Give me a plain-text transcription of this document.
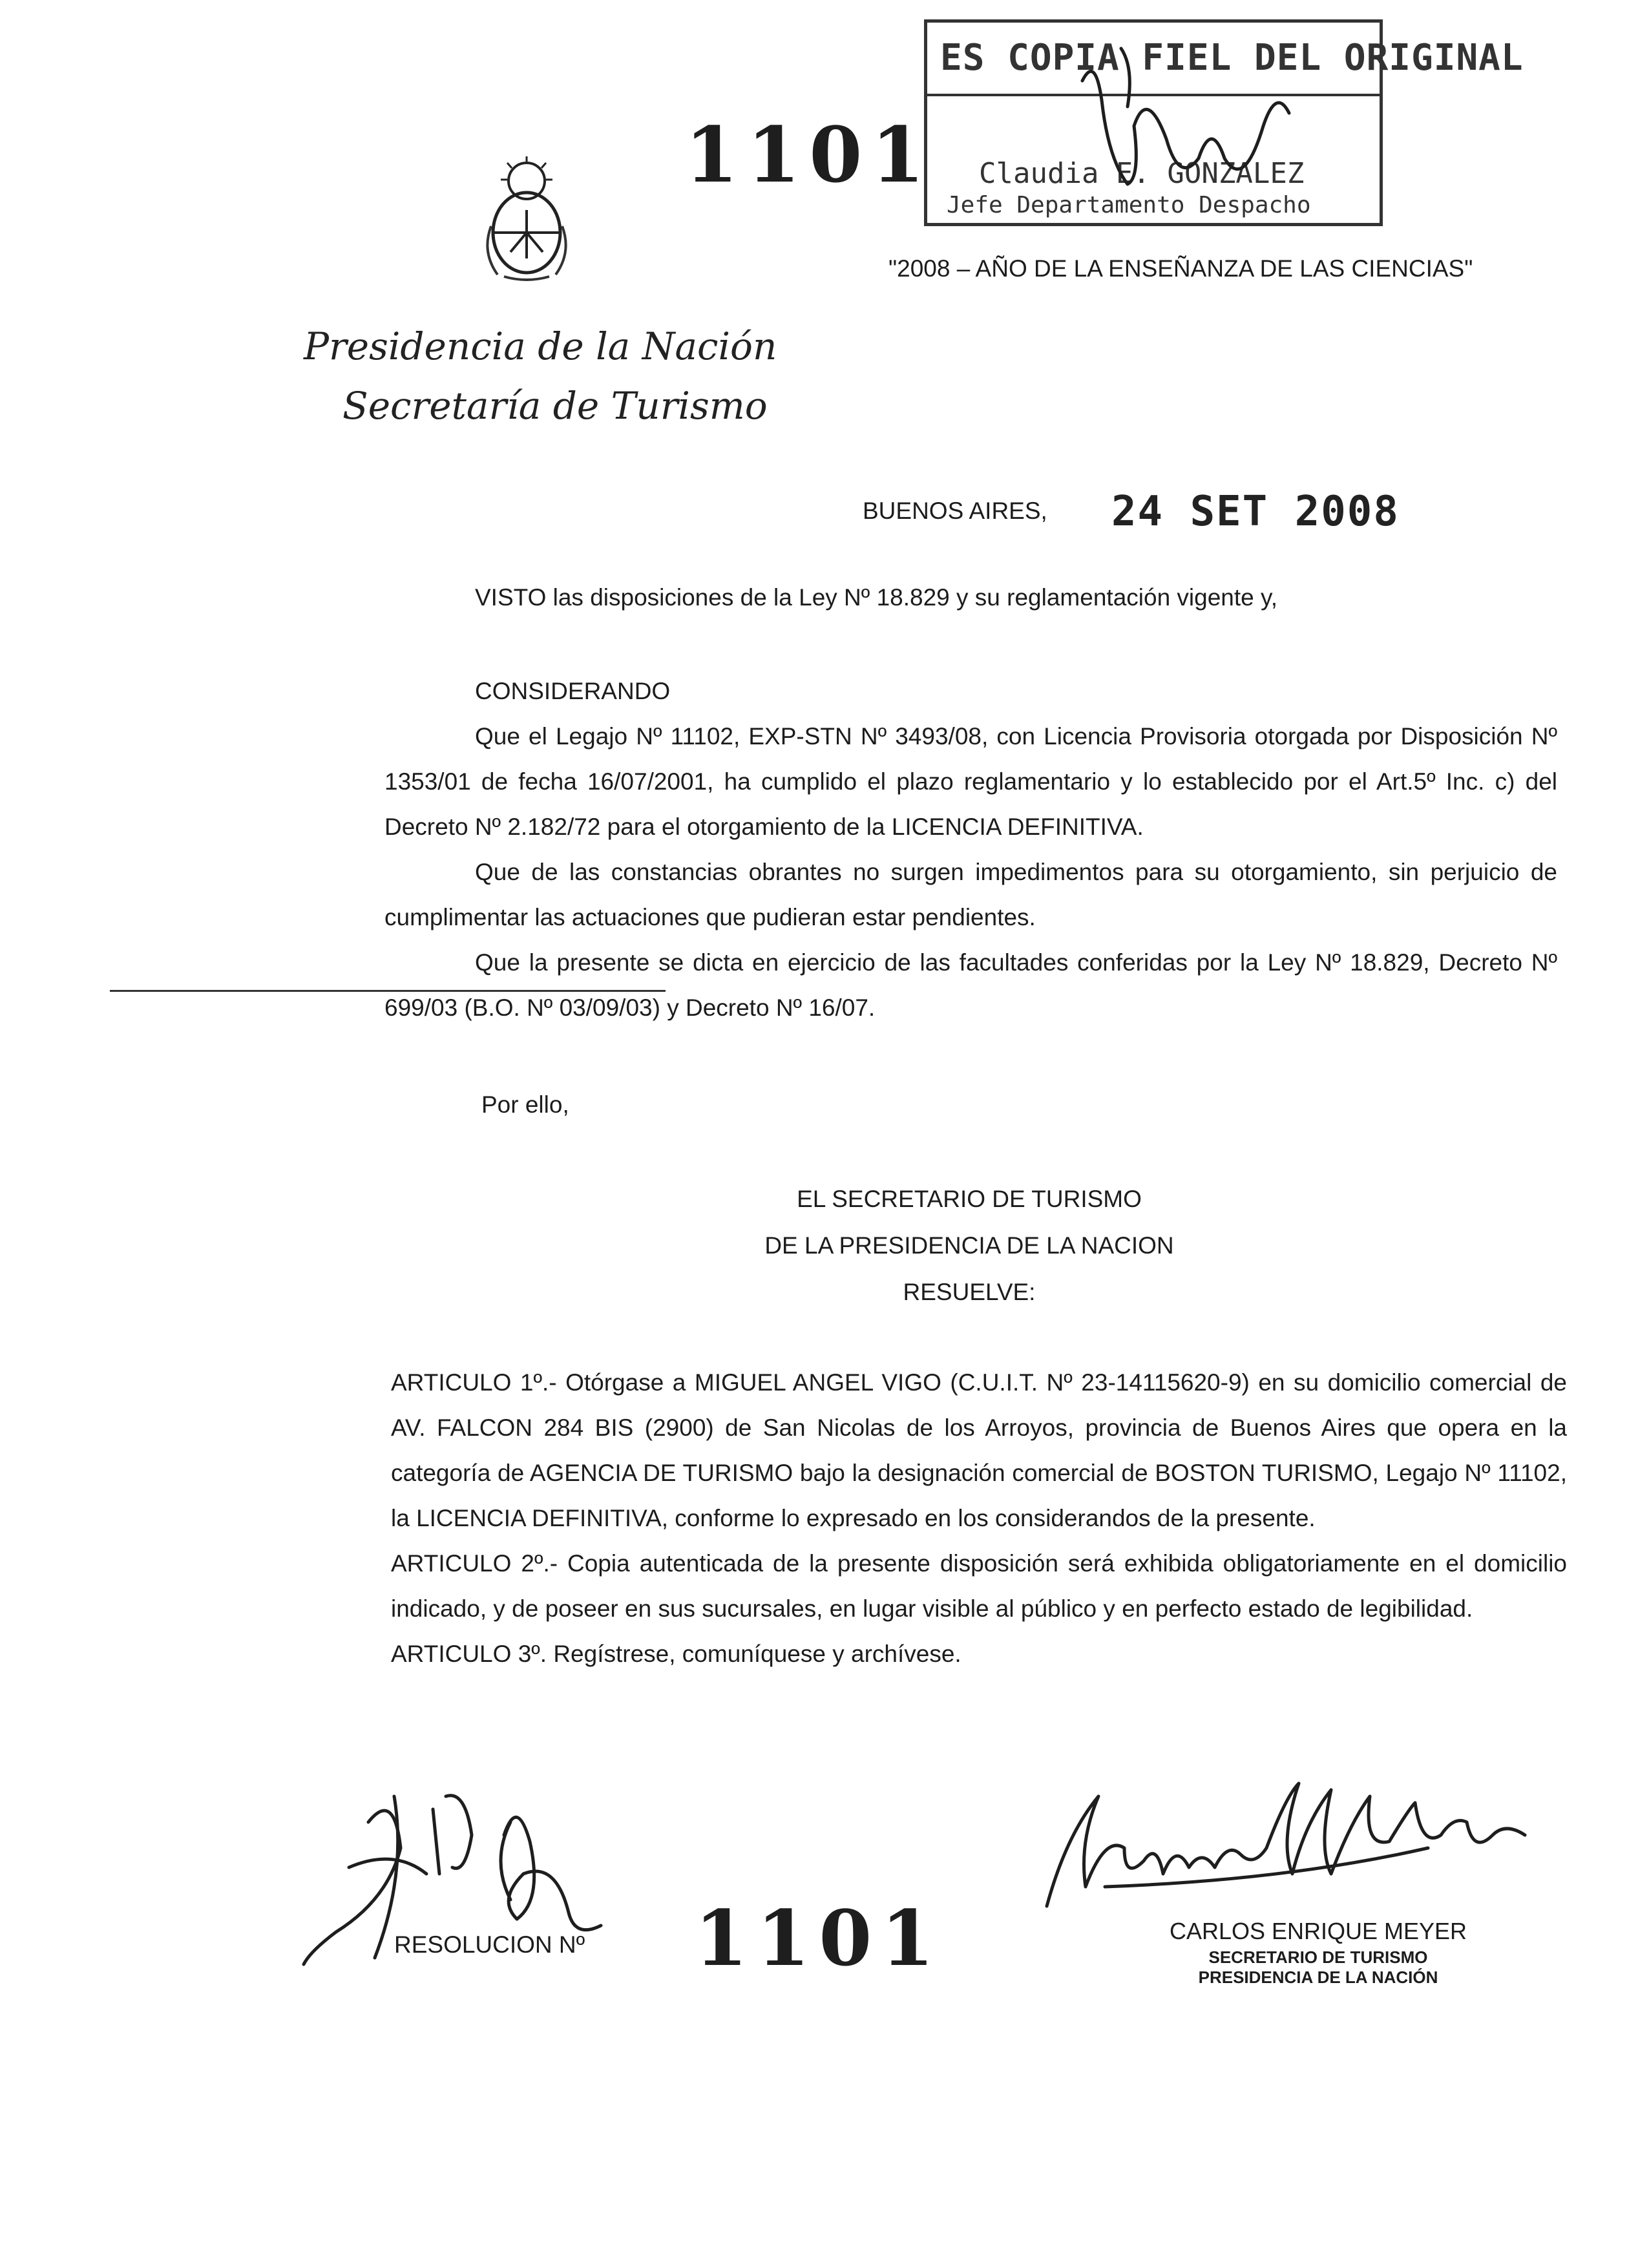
Presidencia de la Nación
Secretaría de Turismo
1101
ES COPIA FIEL DEL ORIGINAL
Claudia E. GONZALEZ
Jefe Departamento Despacho
"2008 – AÑO DE LA ENSEÑANZA DE LAS CIENCIAS"
BUENOS AIRES, 24 SET 2008
VISTO las disposiciones de la Ley Nº 18.829 y su reglamentación vigente y,
CONSIDERANDO

Que el Legajo Nº 11102, EXP-STN Nº 3493/08, con Licencia Provisoria otorgada por Disposición Nº 1353/01 de fecha 16/07/2001, ha cumplido el plazo reglamentario y lo establecido por el Art.5º Inc. c) del Decreto Nº 2.182/72 para el otorgamiento de la LICENCIA DEFINITIVA.

Que de las constancias obrantes no surgen impedimentos para su otorgamiento, sin perjuicio de cumplimentar las actuaciones que pudieran estar pendientes.

Que la presente se dicta en ejercicio de las facultades conferidas por la Ley Nº 18.829, Decreto Nº 699/03 (B.O. Nº 03/09/03) y Decreto Nº 16/07.

Por ello,
EL SECRETARIO DE TURISMO
DE LA PRESIDENCIA DE LA NACION
RESUELVE:

ARTICULO 1º.- Otórgase a MIGUEL ANGEL VIGO (C.U.I.T. Nº 23-14115620-9) en su domicilio comercial de AV. FALCON 284 BIS (2900) de San Nicolas de los Arroyos, provincia de Buenos Aires que opera en la categoría de AGENCIA DE TURISMO bajo la designación comercial de BOSTON TURISMO, Legajo Nº 11102, la LICENCIA DEFINITIVA, conforme lo expresado en los considerandos de la presente.

ARTICULO 2º.- Copia autenticada de la presente disposición será exhibida obligatoriamente en el domicilio indicado, y de poseer en sus sucursales, en lugar visible al público y en perfecto estado de legibilidad.

ARTICULO 3º. Regístrese, comuníquese y archívese.

RESOLUCION Nº 1101	CARLOS ENRIQUE MEYER
SECRETARIO DE TURISMO
PRESIDENCIA DE LA NACIÓN
